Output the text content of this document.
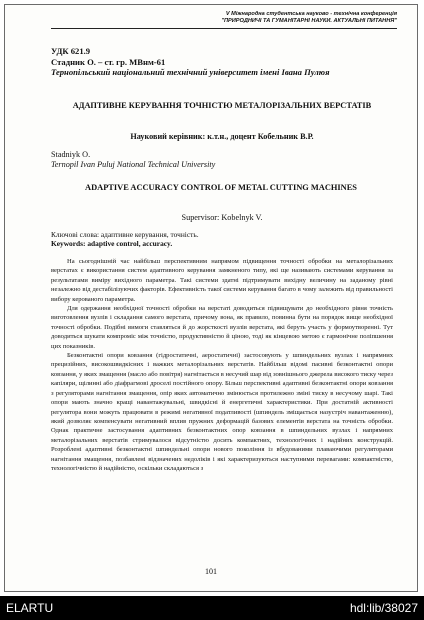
V Міжнародна студентська науково - технічна конференція
"ПРИРОДНИЧІ ТА ГУМАНІТАРНІ НАУКИ. АКТУАЛЬНІ ПИТАННЯ"
УДК 621.9
Стадник О. – ст. гр. МВнм-61
Тернопільський національний технічний університет імені Івана Пулюя
АДАПТИВНЕ КЕРУВАННЯ ТОЧНІСТЮ МЕТАЛОРІЗАЛЬНИХ ВЕРСТАТІВ
Науковий керівник: к.т.н., доцент Кобельник В.Р.
Stadniyk O.
Ternopil Ivan Puluj National Technical University
ADAPTIVE ACCURACY CONTROL OF METAL CUTTING MACHINES
Supervisor: Kobelnyk V.
Ключові слова: адаптивне керування, точність.
Keywords: adaptive control, accuracy.

На сьогоднішній час найбільш перспективним напрямом підвищення точності обробки на металорізальних верстатах є використання систем адаптивного керування замкненого типу, які ще називають системами керування за результатами виміру вихідного параметра. Такі системи здатні підтримувати вихідну величину на заданому рівні незалежно від дестабілізуючих факторів. Ефективність такої системи керування багато в чому залежить від правильності вибору керованого параметра.

Для одержання необхідної точності обробки на верстаті доводиться підвищувати до необхідного рівня точність виготовлення вузлів і складання самого верстата, причому вона, як правило, повинна бути на порядок вище необхідної точності обробки. Подібні вимоги ставляться й до жорсткості вузлів верстата, які беруть участь у формоутворенні. Тут доводиться шукати компроміс між точністю, продуктивністю й ціною, тоді як кінцевою метою є гармонічне поліпшення цих показників.

Безконтактні опори ковзання (гідростатичні, аеростатичні) застосовують у шпиндельних вузлах і напрямних прецизійних, високошвидкісних і важких металорізальних верстатів. Найбільш відомі пасивні безконтактні опори ковзання, у яких змащення (масло або повітря) нагнітається в несучий шар від зовнішнього джерела високого тиску через капіляри, щілинні або діафрагмові дроселі постійного опору. Більш перспективні адаптивні безконтактні опори ковзання з регуляторами нагнітання змащення, опір яких автоматично змінюється протилежно зміні тиску в несучому шарі. Такі опори мають значно кращі навантажувальні, швидкісні й енергетичні характеристики. При достатній активності регулятора вони можуть працювати в режимі негативної податливості (шпиндель зміщається назустріч навантаженню), який дозволяє компенсувати негативний вплив пружних деформацій базових елементів верстата на точність обробки. Однак практичне застосування адаптивних безконтактних опор ковзання в шпиндельних вузлах і напрямних металорізальних верстатів стримувалося відсутністю досить компактних, технологічних і надійних конструкцій. Розроблені адаптивні безконтактні шпиндельні опори нового покоління із вбудованими плаваючими регуляторами нагнітання змащення, позбавлені відзначених недоліків і які характеризуються наступними перевагами: компактністю, технологічністю й надійністю, оскільки складаються з

101
ELARTU	hdl:lib/38027
